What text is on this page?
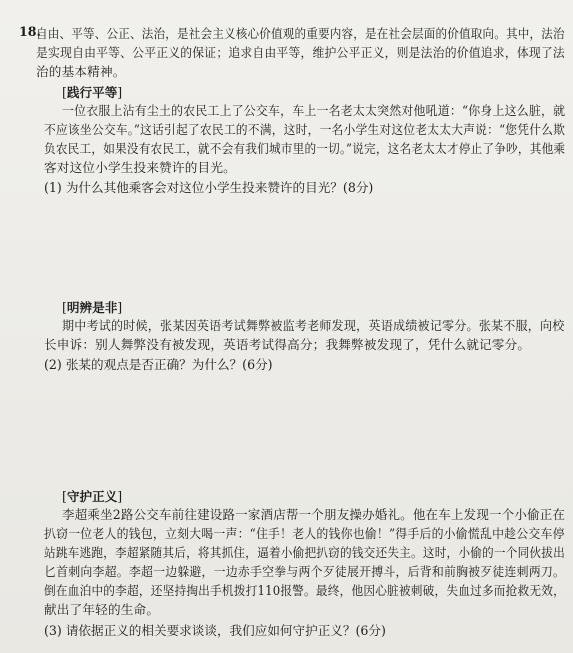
18.
自由、平等、公正、法治，是社会主义核心价值观的重要内容，是在社会层面的价值取向。其中，法治
是实现自由平等、公平正义的保证；追求自由平等，维护公平正义，则是法治的价值追求，体现了法
治的基本精神。
[践行平等]
一位衣服上沾有尘土的农民工上了公交车，车上一名老太太突然对他吼道：“你身上这么脏，就
不应该坐公交车。”这话引起了农民工的不满，这时，一名小学生对这位老太太大声说：“您凭什么欺
负农民工，如果没有农民工，就不会有我们城市里的一切。”说完，这名老太太才停止了争吵，其他乘
客对这位小学生投来赞许的目光。
(1) 为什么其他乘客会对这位小学生投来赞许的目光？(8分)
[明辨是非]
期中考试的时候，张某因英语考试舞弊被监考老师发现，英语成绩被记零分。张某不服，向校
长申诉：别人舞弊没有被发现，英语考试得高分；我舞弊被发现了，凭什么就记零分。
(2) 张某的观点是否正确？为什么？(6分)
[守护正义]
李超乘坐2路公交车前往建设路一家酒店帮一个朋友操办婚礼。他在车上发现一个小偷正在
扒窃一位老人的钱包，立刻大喝一声：“住手！老人的钱你也偷！”得手后的小偷慌乱中趁公交车停
站跳车逃跑，李超紧随其后，将其抓住，逼着小偷把扒窃的钱交还失主。这时，小偷的一个同伙拔出
匕首刺向李超。李超一边躲避，一边赤手空拳与两个歹徒展开搏斗，后背和前胸被歹徒连刺两刀。
倒在血泊中的李超，还坚持掏出手机拨打110报警。最终，他因心脏被刺破，失血过多而抢救无效，
献出了年轻的生命。
(3) 请依据正义的相关要求谈谈，我们应如何守护正义？(6分)
